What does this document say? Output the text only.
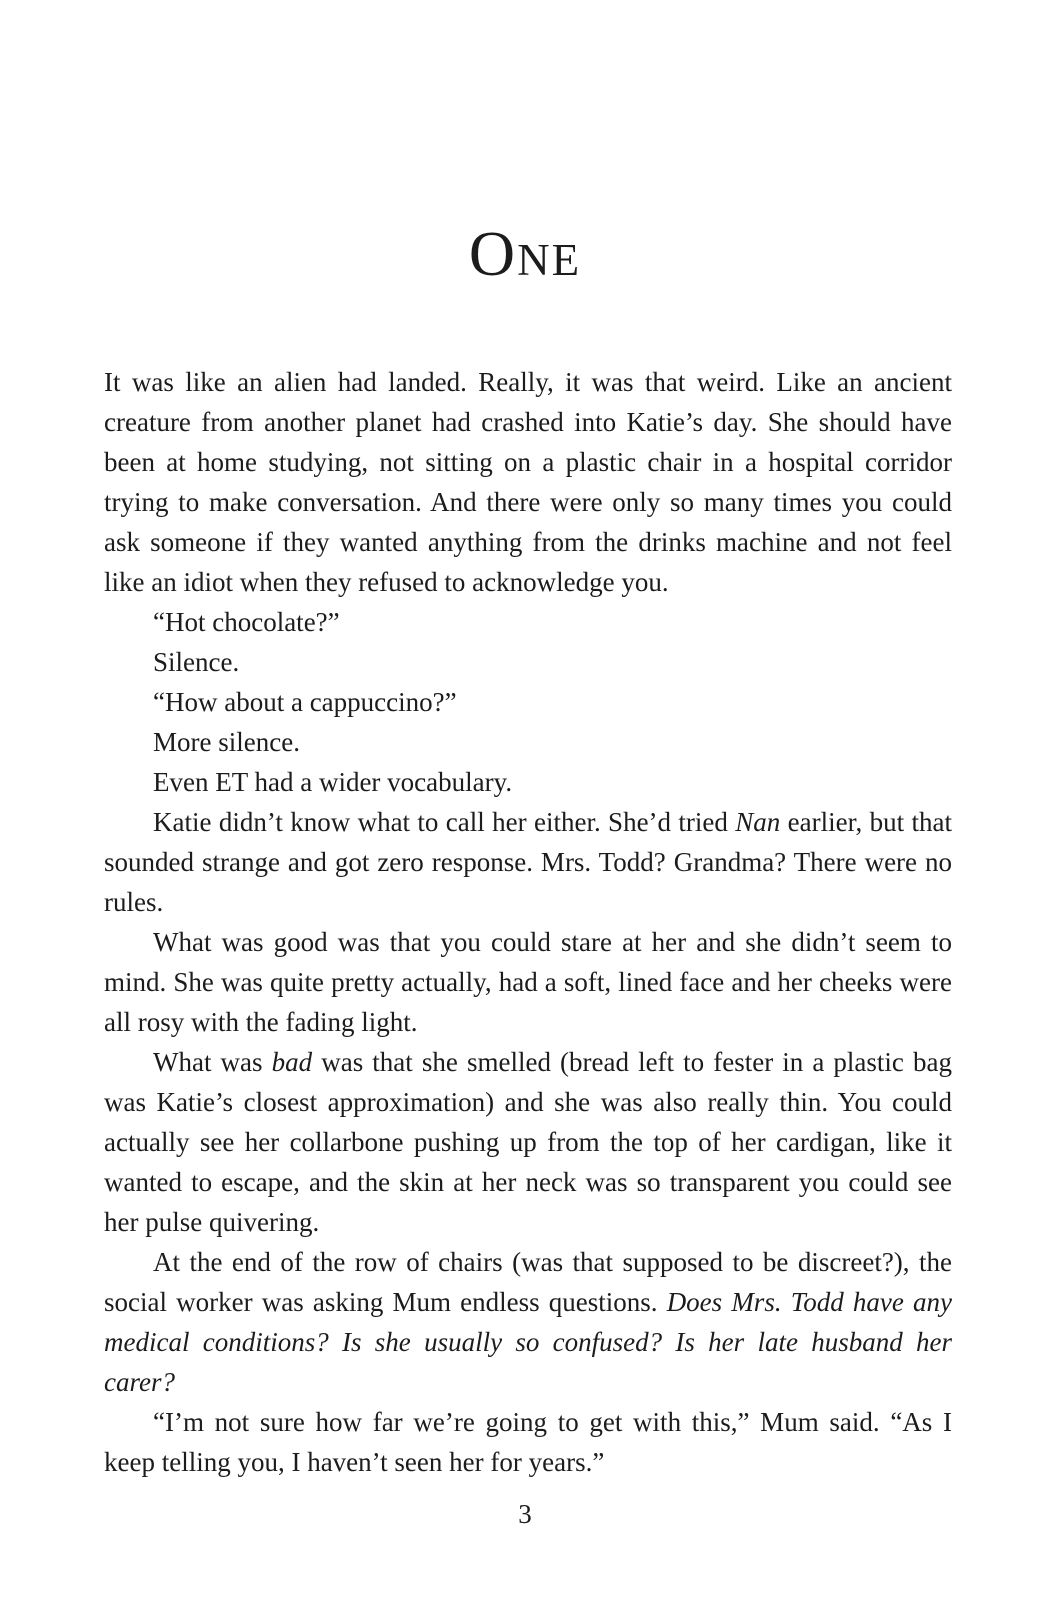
One

It was like an alien had landed. Really, it was that weird. Like an ancient creature from another planet had crashed into Katie’s day. She should have been at home studying, not sitting on a plastic chair in a hospital corridor trying to make conversation. And there were only so many times you could ask someone if they wanted anything from the drinks machine and not feel like an idiot when they refused to acknowledge you.

“Hot chocolate?”

Silence.

“How about a cappuccino?”

More silence.

Even ET had a wider vocabulary.

Katie didn’t know what to call her either. She’d tried Nan earlier, but that sounded strange and got zero response. Mrs. Todd? Grandma? There were no rules.

What was good was that you could stare at her and she didn’t seem to mind. She was quite pretty actually, had a soft, lined face and her cheeks were all rosy with the fading light.

What was bad was that she smelled (bread left to fester in a plastic bag was Katie’s closest approximation) and she was also really thin. You could actually see her collarbone pushing up from the top of her cardigan, like it wanted to escape, and the skin at her neck was so transparent you could see her pulse quivering.

At the end of the row of chairs (was that supposed to be discreet?), the social worker was asking Mum endless questions. Does Mrs. Todd have any medical conditions? Is she usually so confused? Is her late husband her carer?

“I’m not sure how far we’re going to get with this,” Mum said. “As I keep telling you, I haven’t seen her for years.”

3
